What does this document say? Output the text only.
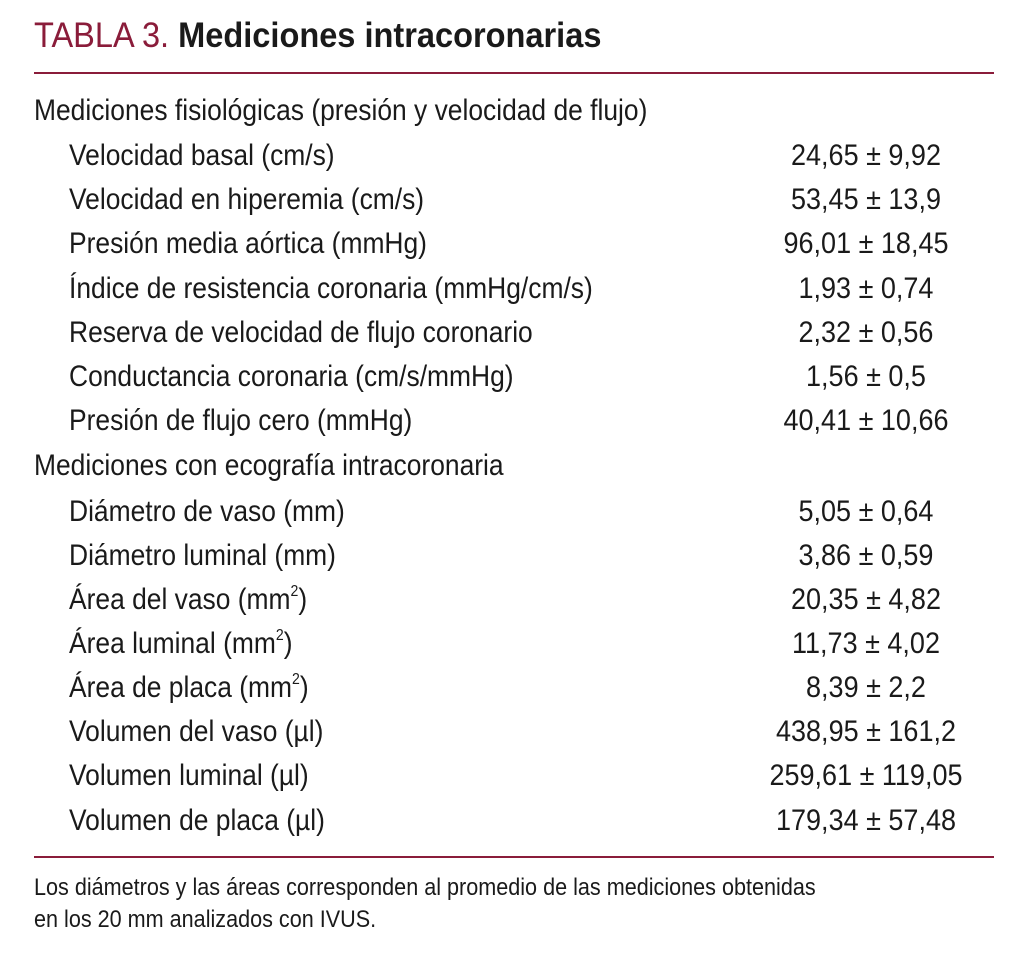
TABLA 3. Mediciones intracoronarias
Mediciones fisiológicas (presión y velocidad de flujo)
Velocidad basal (cm/s)	24,65 ± 9,92
Velocidad en hiperemia (cm/s)	53,45 ± 13,9
Presión media aórtica (mmHg)	96,01 ± 18,45
Índice de resistencia coronaria (mmHg/cm/s)	1,93 ± 0,74
Reserva de velocidad de flujo coronario	2,32 ± 0,56
Conductancia coronaria (cm/s/mmHg)	1,56 ± 0,5
Presión de flujo cero (mmHg)	40,41 ± 10,66
Mediciones con ecografía intracoronaria
Diámetro de vaso (mm)	5,05 ± 0,64
Diámetro luminal (mm)	3,86 ± 0,59
Área del vaso $(mm^2)$	20,35 ± 4,82
Área luminal $(mm^2)$	11,73 ± 4,02
Área de placa $(mm^2)$	8,39 ± 2,2
Volumen del vaso (µl)	438,95 ± 161,2
Volumen luminal (µl)	259,61 ± 119,05
Volumen de placa (µl)	179,34 ± 57,48
Los diámetros y las áreas corresponden al promedio de las mediciones obtenidas
en los 20 mm analizados con IVUS.
